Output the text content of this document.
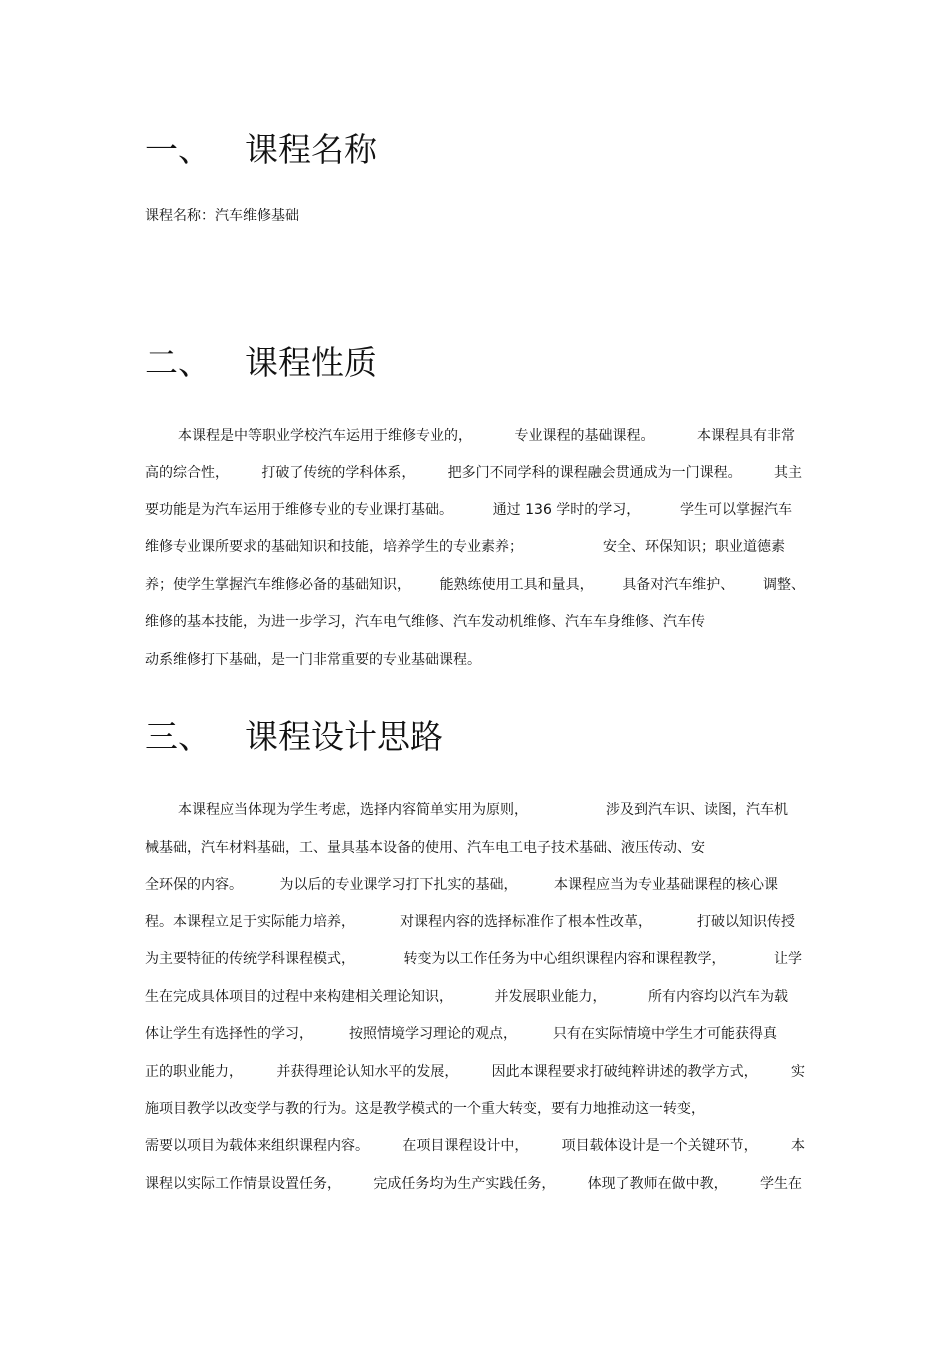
一、 课程名称
课程名称：汽车维修基础
二、 课程性质
本课程是中等职业学校汽车运用于维修专业的，	专业课程的基础课程。	本课程具有非常
高的综合性， 打破了传统的学科体系， 把多门不同学科的课程融会贯通成为一门课程。 其主
要功能是为汽车运用于维修专业的专业课打基础。	通过 136 学时的学习，	学生可以掌握汽车
维修专业课所要求的基础知识和技能，培养学生的专业素养；	安全、环保知识；职业道德素
养；使学生掌握汽车维修必备的基础知识， 能熟练使用工具和量具， 具备对汽车维护、 调整、
维修的基本技能，为进一步学习，汽车电气维修、汽车发动机维修、汽车车身维修、汽车传
动系维修打下基础，是一门非常重要的专业基础课程。
三、 课程设计思路
本课程应当体现为学生考虑，选择内容简单实用为原则，	涉及到汽车识、读图，汽车机
械基础，汽车材料基础，工、量具基本设备的使用、汽车电工电子技术基础、液压传动、安
全环保的内容。	为以后的专业课学习打下扎实的基础，	本课程应当为专业基础课程的核心课
程。本课程立足于实际能力培养，	对课程内容的选择标准作了根本性改革，	打破以知识传授
为主要特征的传统学科课程模式，	转变为以工作任务为中心组织课程内容和课程教学，	让学
生在完成具体项目的过程中来构建相关理论知识，	并发展职业能力，	所有内容均以汽车为载
体让学生有选择性的学习，	按照情境学习理论的观点，	只有在实际情境中学生才可能获得真
正的职业能力， 并获得理论认知水平的发展， 因此本课程要求打破纯粹讲述的教学方式， 实
施项目教学以改变学与教的行为。这是教学模式的一个重大转变，要有力地推动这一转变，
需要以项目为载体来组织课程内容。 在项目课程设计中， 项目载体设计是一个关键环节， 本
课程以实际工作情景设置任务， 完成任务均为生产实践任务， 体现了教师在做中教， 学生在
